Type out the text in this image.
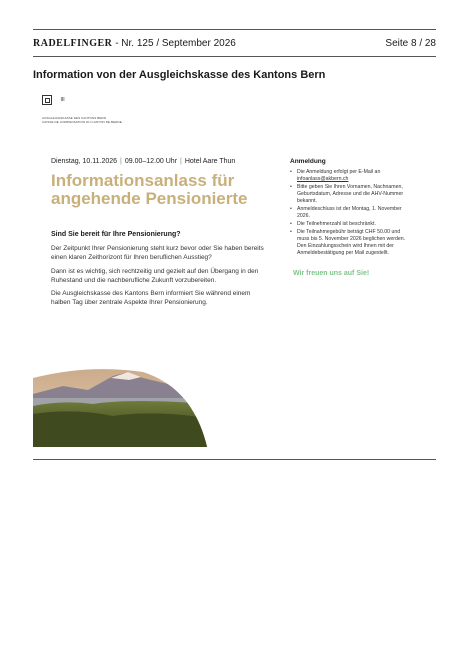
RADELFINGER - Nr. 125 / September 2026	Seite 8 / 28
Information von der Ausgleichskasse des Kantons Bern
III
AUSGLEICHSKASSE DES KANTONS BERN
CAISSE DE COMPENSATION DU CANTON DE BERNE
Dienstag, 10.11.2026 | 09.00–12.00 Uhr | Hotel Aare Thun
Informationsanlass für
angehende Pensionierte
Sind Sie bereit für Ihre Pensionierung?
Der Zeitpunkt Ihrer Pensionierung steht kurz bevor oder Sie haben bereits einen klaren Zeithorizont für Ihren beruflichen Ausstieg?
Dann ist es wichtig, sich rechtzeitig und gezielt auf den Übergang in den Ruhestand und die nachberufliche Zukunft vorzubereiten.
Die Ausgleichskasse des Kantons Bern informiert Sie während einem halben Tag über zentrale Aspekte Ihrer Pensionierung.
Anmeldung
• Die Anmeldung erfolgt per E-Mail an infoanlass@akbern.ch
• Bitte geben Sie Ihren Vornamen, Nachnamen, Geburtsdatum, Adresse und die AHV-Nummer bekannt.
• Anmeldeschluss ist der Montag, 1. November 2026.
• Die Teilnehmerzahl ist beschränkt.
• Die Teilnahmegebühr beträgt CHF 50.00 und muss bis 5. November 2026 beglichen werden. Den Einzahlungsschein wird Ihnen mit der Anmeldebestätigung per Mail zugestellt.
Wir freuen uns auf Sie!
